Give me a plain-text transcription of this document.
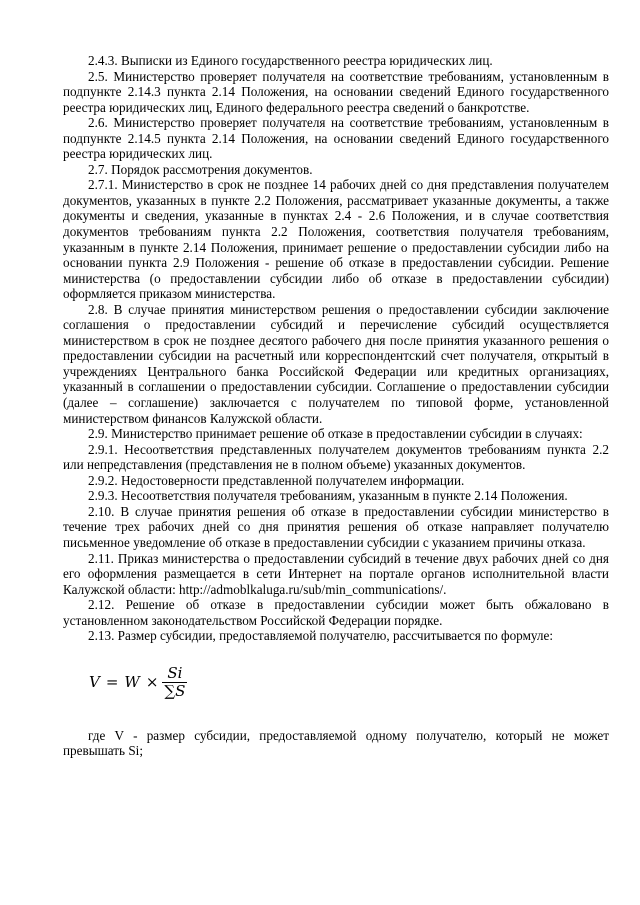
2.4.3. Выписки из Единого государственного реестра юридических лиц.

2.5. Министерство проверяет получателя на соответствие требованиям, установленным в подпункте 2.14.3 пункта 2.14 Положения, на основании сведений Единого государственного реестра юридических лиц, Единого федерального реестра сведений о банкротстве.

2.6. Министерство проверяет получателя на соответствие требованиям, установленным в подпункте 2.14.5 пункта 2.14 Положения, на основании сведений Единого государственного реестра юридических лиц.

2.7. Порядок рассмотрения документов.

2.7.1. Министерство в срок не позднее 14 рабочих дней со дня представления получателем документов, указанных в пункте 2.2 Положения, рассматривает указанные документы, а также документы и сведения, указанные в пунктах 2.4 - 2.6 Положения, и в случае соответствия документов требованиям пункта 2.2 Положения, соответствия получателя требованиям, указанным в пункте 2.14 Положения, принимает решение о предоставлении субсидии либо на основании пункта 2.9 Положения - решение об отказе в предоставлении субсидии. Решение министерства (о предоставлении субсидии либо об отказе в предоставлении субсидии) оформляется приказом министерства.

2.8. В случае принятия министерством решения о предоставлении субсидии заключение соглашения о предоставлении субсидий и перечисление субсидий осуществляется министерством в срок не позднее десятого рабочего дня после принятия указанного решения о предоставлении субсидии на расчетный или корреспондентский счет получателя, открытый в учреждениях Центрального банка Российской Федерации или кредитных организациях, указанный в соглашении о предоставлении субсидии. Соглашение о предоставлении субсидии (далее – соглашение) заключается с получателем по типовой форме, установленной министерством финансов Калужской области.

2.9. Министерство принимает решение об отказе в предоставлении субсидии в случаях:

2.9.1. Несоответствия представленных получателем документов требованиям пункта 2.2 или непредставления (представления не в полном объеме) указанных документов.

2.9.2. Недостоверности представленной получателем информации.

2.9.3. Несоответствия получателя требованиям, указанным в пункте 2.14 Положения.

2.10. В случае принятия решения об отказе в предоставлении субсидии министерство в течение трех рабочих дней со дня принятия решения об отказе направляет получателю письменное уведомление об отказе в предоставлении субсидии с указанием причины отказа.

2.11. Приказ министерства о предоставлении субсидий в течение двух рабочих дней со дня его оформления размещается в сети Интернет на портале органов исполнительной власти Калужской области: http://admoblkaluga.ru/sub/min_communications/.

2.12. Решение об отказе в предоставлении субсидии может быть обжаловано в установленном законодательством Российской Федерации порядке.

2.13. Размер субсидии, предоставляемой получателю, рассчитывается по формуле:

$V = W \times \frac{Si}{\sum S}$

где V - размер субсидии, предоставляемой одному получателю, который не может превышать Si;
